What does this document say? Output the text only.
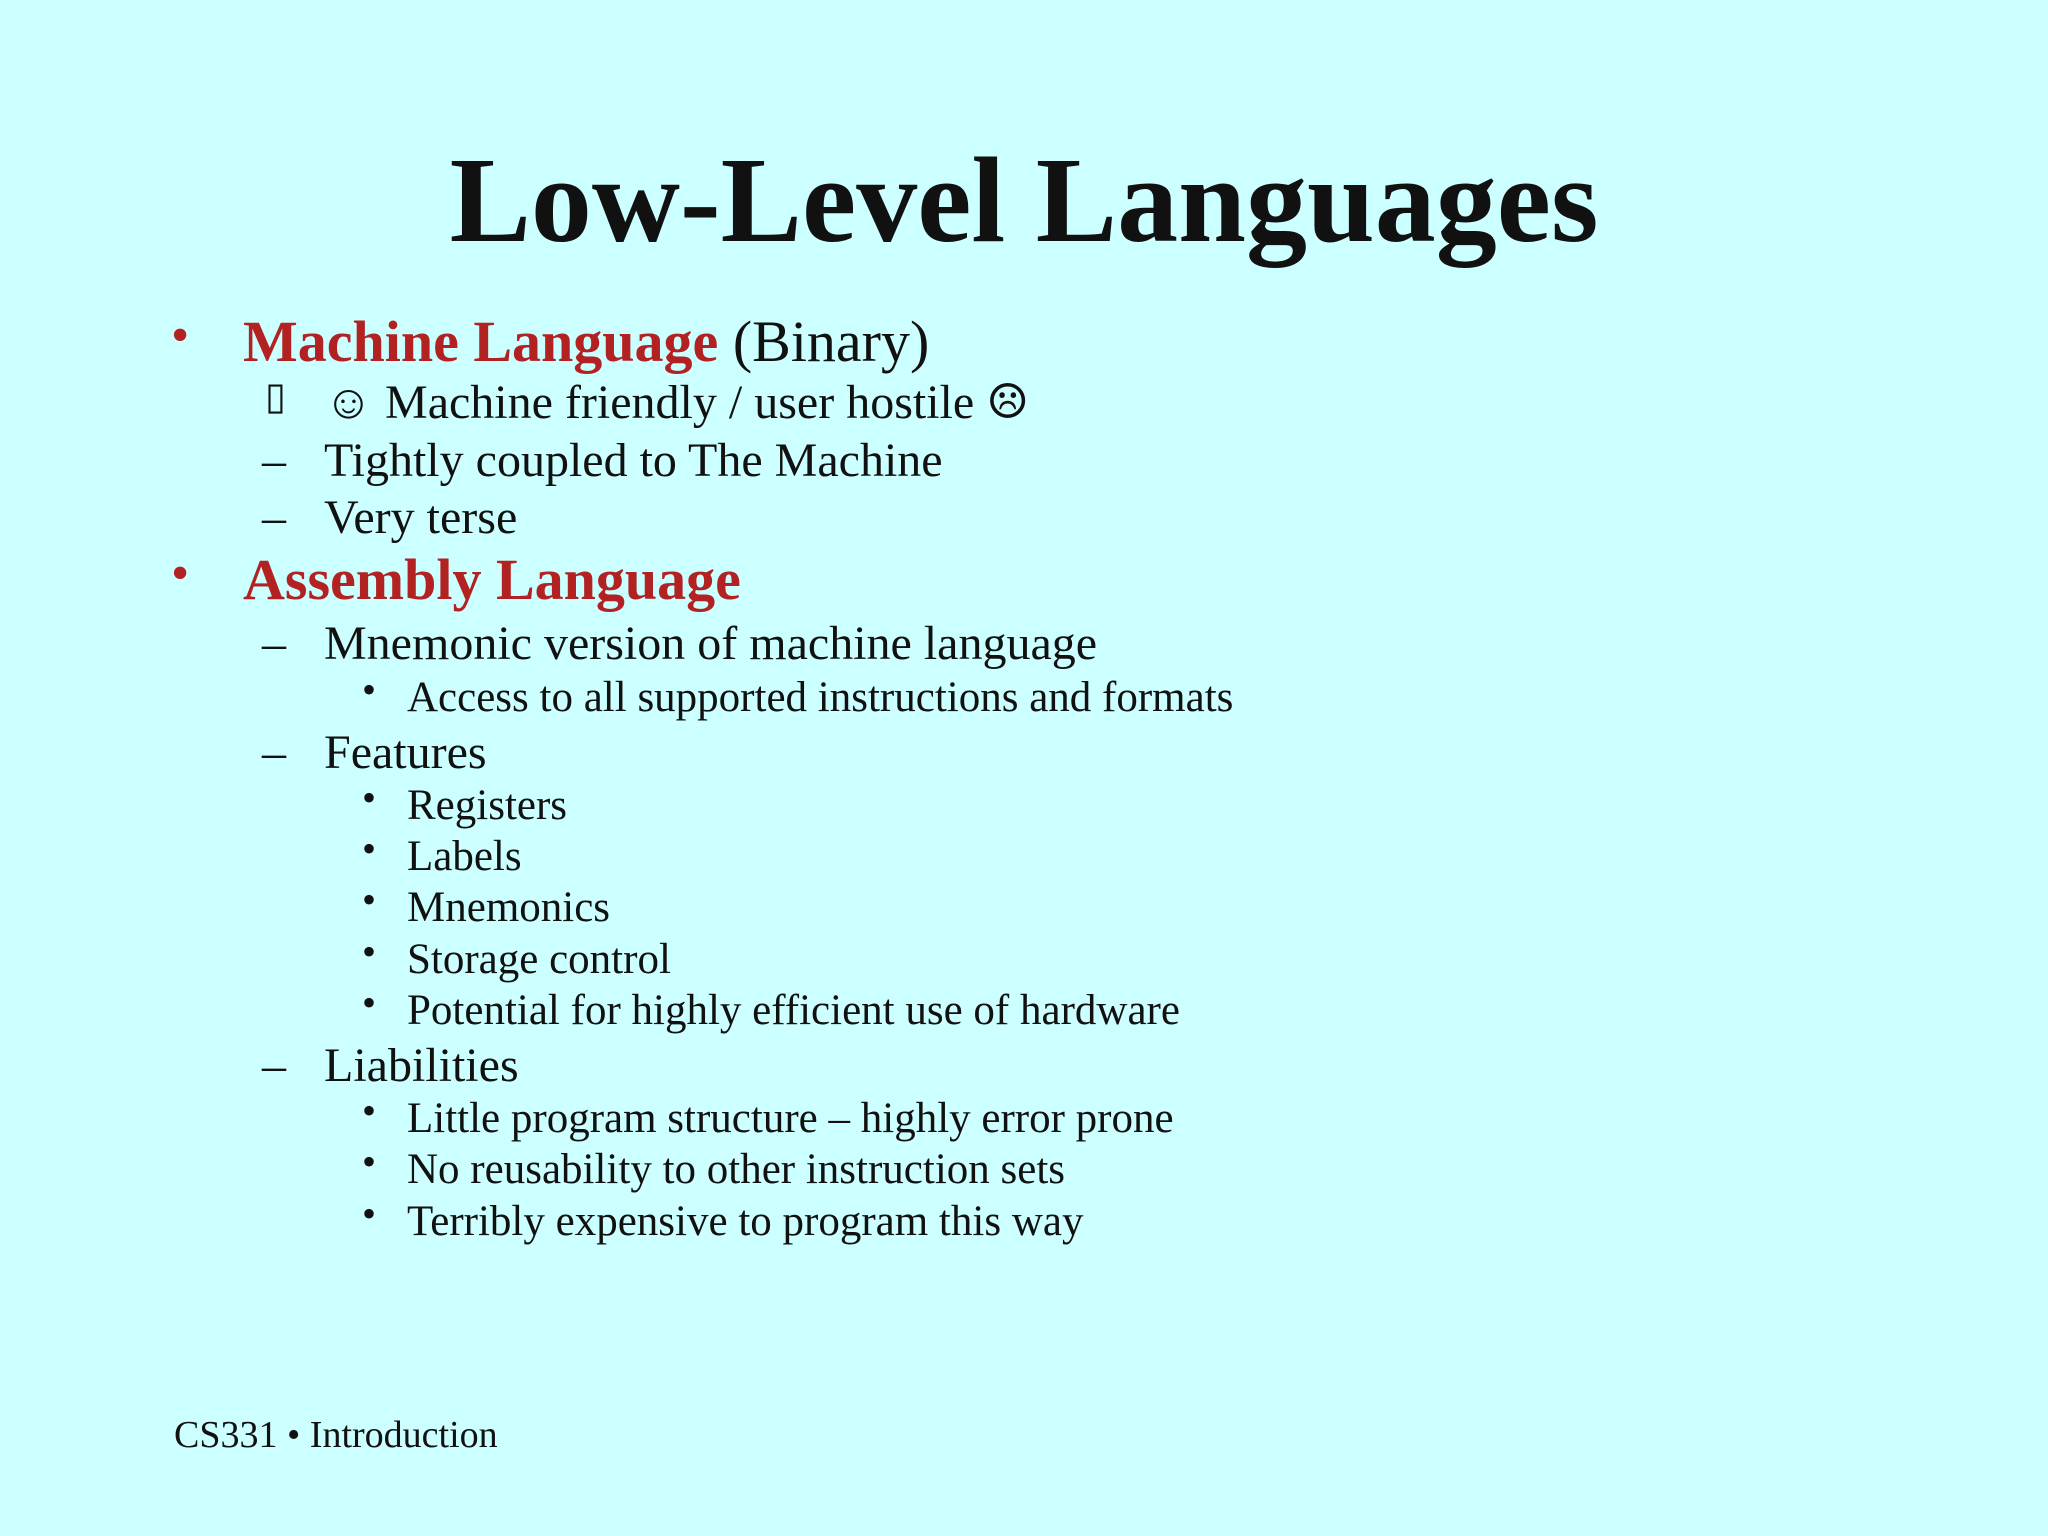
Low-Level Languages
• Machine Language (Binary)
▯ ☺ Machine friendly / user hostile ☹
– Tightly coupled to The Machine
– Very terse
• Assembly Language
– Mnemonic version of machine language
• Access to all supported instructions and formats
– Features
• Registers
• Labels
• Mnemonics
• Storage control
• Potential for highly efficient use of hardware
– Liabilities
• Little program structure – highly error prone
• No reusability to other instruction sets
• Terribly expensive to program this way
CS331 • Introduction
